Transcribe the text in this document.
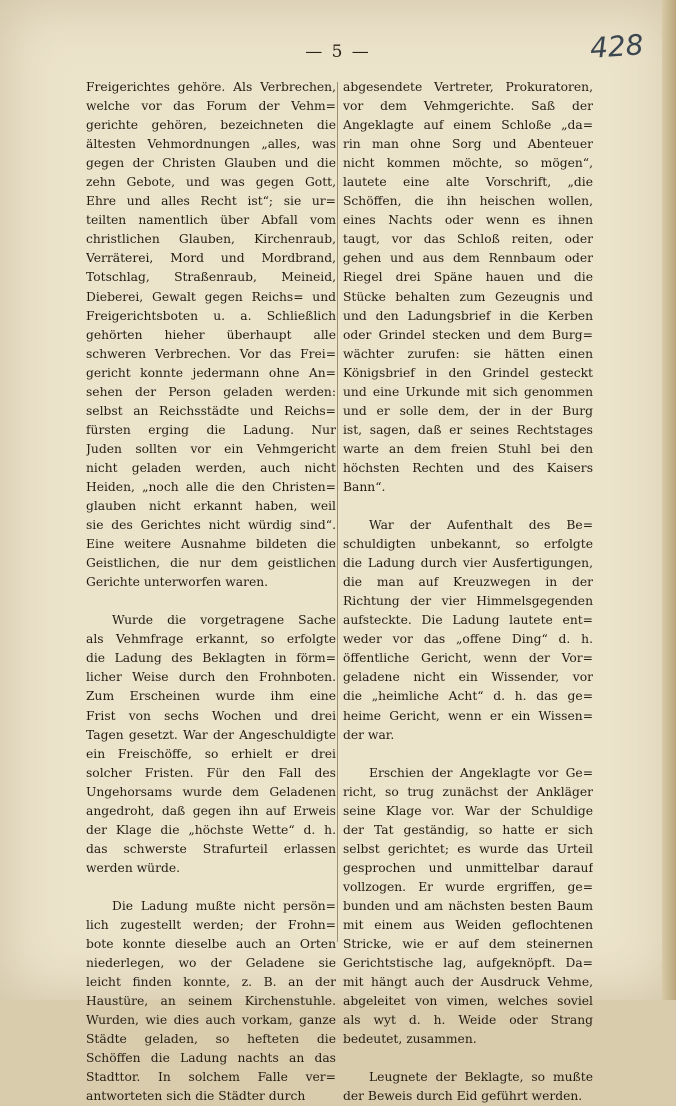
— 5 —	428

Freigerichtes gehöre. Als Verbrechen,
welche vor das Forum der Vehm=
gerichte gehören, bezeichneten die
ältesten Vehmordnungen „alles, was
gegen der Christen Glauben und die
zehn Gebote, und was gegen Gott,
Ehre und alles Recht ist“; sie ur=
teilten namentlich über Abfall vom
christlichen Glauben, Kirchenraub,
Verräterei, Mord und Mordbrand,
Totschlag, Straßenraub, Meineid,
Dieberei, Gewalt gegen Reichs= und
Freigerichtsboten u. a. Schließlich
gehörten hieher überhaupt alle
schweren Verbrechen. Vor das Frei=
gericht konnte jedermann ohne An=
sehen der Person geladen werden:
selbst an Reichsstädte und Reichs=
fürsten erging die Ladung. Nur
Juden sollten vor ein Vehmgericht
nicht geladen werden, auch nicht
Heiden, „noch alle die den Christen=
glauben nicht erkannt haben, weil
sie des Gerichtes nicht würdig sind“.
Eine weitere Ausnahme bildeten die
Geistlichen, die nur dem geistlichen
Gerichte unterworfen waren.

Wurde die vorgetragene Sache
als Vehmfrage erkannt, so erfolgte
die Ladung des Beklagten in förm=
licher Weise durch den Frohnboten.
Zum Erscheinen wurde ihm eine
Frist von sechs Wochen und drei
Tagen gesetzt. War der Angeschuldigte
ein Freischöffe, so erhielt er drei
solcher Fristen. Für den Fall des
Ungehorsams wurde dem Geladenen
angedroht, daß gegen ihn auf Erweis
der Klage die „höchste Wette“ d. h.
das schwerste Strafurteil erlassen
werden würde.

Die Ladung mußte nicht persön=
lich zugestellt werden; der Frohn=
bote konnte dieselbe auch an Orten
niederlegen, wo der Geladene sie
leicht finden konnte, z. B. an der
Haustüre, an seinem Kirchenstuhle.
Wurden, wie dies auch vorkam, ganze
Städte geladen, so hefteten die
Schöffen die Ladung nachts an das
Stadttor. In solchem Falle ver=
antworteten sich die Städter durch

abgesendete Vertreter, Prokuratoren,
vor dem Vehmgerichte. Saß der
Angeklagte auf einem Schloße „da=
rin man ohne Sorg und Abenteuer
nicht kommen möchte, so mögen“,
lautete eine alte Vorschrift, „die
Schöffen, die ihn heischen wollen,
eines Nachts oder wenn es ihnen
taugt, vor das Schloß reiten, oder
gehen und aus dem Rennbaum oder
Riegel drei Späne hauen und die
Stücke behalten zum Gezeugnis und
und den Ladungsbrief in die Kerben
oder Grindel stecken und dem Burg=
wächter zurufen: sie hätten einen
Königsbrief in den Grindel gesteckt
und eine Urkunde mit sich genommen
und er solle dem, der in der Burg
ist, sagen, daß er seines Rechtstages
warte an dem freien Stuhl bei den
höchsten Rechten und des Kaisers
Bann“.

War der Aufenthalt des Be=
schuldigten unbekannt, so erfolgte
die Ladung durch vier Ausfertigungen,
die man auf Kreuzwegen in der
Richtung der vier Himmelsgegenden
aufsteckte. Die Ladung lautete ent=
weder vor das „offene Ding“ d. h.
öffentliche Gericht, wenn der Vor=
geladene nicht ein Wissender, vor
die „heimliche Acht“ d. h. das ge=
heime Gericht, wenn er ein Wissen=
der war.

Erschien der Angeklagte vor Ge=
richt, so trug zunächst der Ankläger
seine Klage vor. War der Schuldige
der Tat geständig, so hatte er sich
selbst gerichtet; es wurde das Urteil
gesprochen und unmittelbar darauf
vollzogen. Er wurde ergriffen, ge=
bunden und am nächsten besten Baum
mit einem aus Weiden geflochtenen
Stricke, wie er auf dem steinernen
Gerichtstische lag, aufgeknöpft. Da=
mit hängt auch der Ausdruck Vehme,
abgeleitet von vimen, welches soviel
als wyt d. h. Weide oder Strang
bedeutet, zusammen.

Leugnete der Beklagte, so mußte
der Beweis durch Eid geführt werden.
